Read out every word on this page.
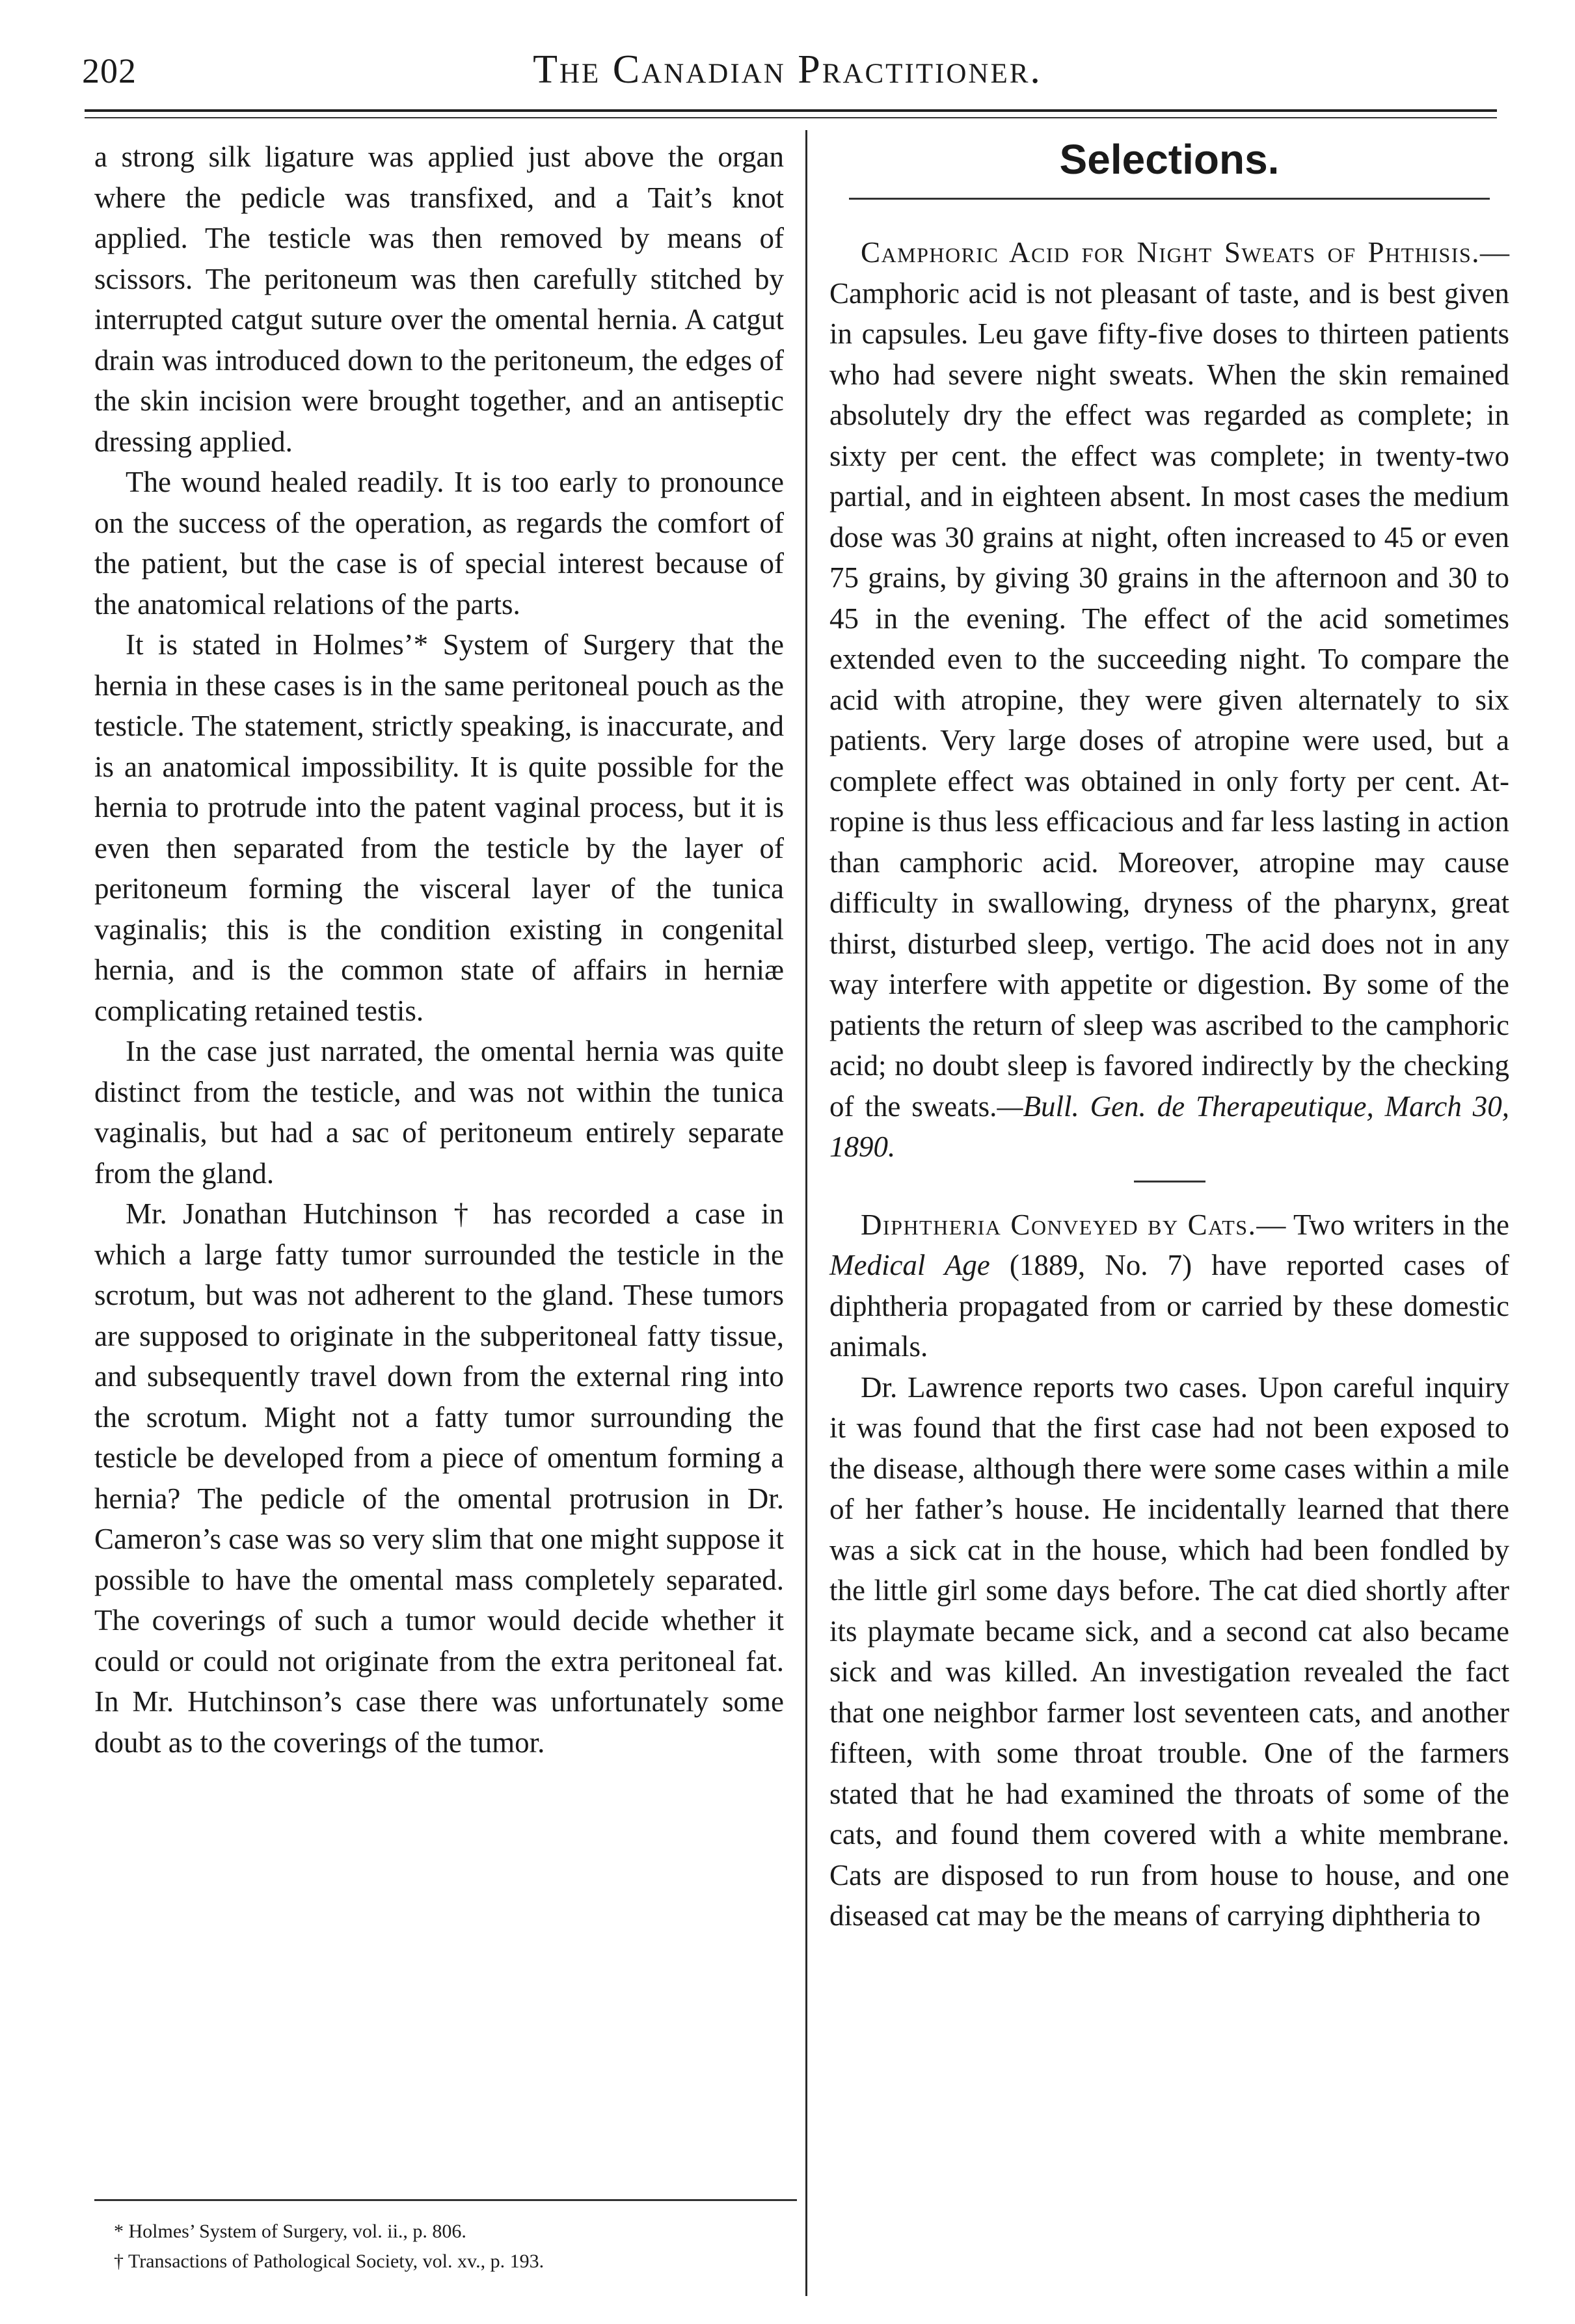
202	The Canadian Practitioner.

a strong silk ligature was applied just above the organ where the pedicle was transfixed, and a Tait’s knot applied. The testicle was then removed by means of scissors. The peritoneum was then carefully stitched by interrupted catgut suture over the omental hernia. A catgut drain was introduced down to the peritoneum, the edges of the skin incision were brought together, and an antiseptic dressing applied.

The wound healed readily. It is too early to pronounce on the success of the operation, as regards the comfort of the patient, but the case is of special interest because of the anatomical relations of the parts.

It is stated in Holmes’* System of Surgery that the hernia in these cases is in the same peritoneal pouch as the testicle. The statement, strictly speaking, is inaccurate, and is an anatomical impossibility. It is quite possible for the hernia to protrude into the patent vaginal process, but it is even then separated from the testicle by the layer of peritoneum forming the visceral layer of the tunica vaginalis; this is the condition existing in congenital hernia, and is the common state of affairs in herniæ complicating retained testis.

In the case just narrated, the omental hernia was quite distinct from the testicle, and was not within the tunica vaginalis, but had a sac of peritoneum entirely separate from the gland.

Mr. Jonathan Hutchinson † has recorded a case in which a large fatty tumor surrounded the testicle in the scrotum, but was not adherent to the gland. These tumors are supposed to originate in the subperitoneal fatty tissue, and subsequently travel down from the external ring into the scrotum. Might not a fatty tumor surrounding the testicle be developed from a piece of omentum forming a hernia? The pedicle of the omental protrusion in Dr. Cameron’s case was so very slim that one might suppose it possible to have the omental mass completely separated. The coverings of such a tumor would decide whether it could or could not originate from the extra peritoneal fat. In Mr. Hutchinson’s case there was unfortunately some doubt as to the coverings of the tumor.

* Holmes’ System of Surgery, vol. ii., p. 806.

† Transactions of Pathological Society, vol. xv., p. 193.

Selections.

Camphoric Acid for Night Sweats of Phthisis.—Camphoric acid is not pleasant of taste, and is best given in capsules. Leu gave fifty-five doses to thirteen patients who had severe night sweats. When the skin remained absolutely dry the effect was regarded as complete; in sixty per cent. the effect was complete; in twenty-two partial, and in eighteen absent. In most cases the medium dose was 30 grains at night, often increased to 45 or even 75 grains, by giving 30 grains in the afternoon and 30 to 45 in the evening. The effect of the acid sometimes extended even to the succeeding night. To compare the acid with atropine, they were given alternately to six patients. Very large doses of atropine were used, but a complete effect was obtained in only forty per cent. Atropine is thus less efficacious and far less lasting in action than camphoric acid. Moreover, atropine may cause difficulty in swallowing, dryness of the pharynx, great thirst, disturbed sleep, vertigo. The acid does not in any way interfere with appetite or digestion. By some of the patients the return of sleep was ascribed to the camphoric acid; no doubt sleep is favored indirectly by the checking of the sweats.—Bull. Gen. de Therapeutique, March 30, 1890.

Diphtheria Conveyed by Cats.— Two writers in the Medical Age (1889, No. 7) have reported cases of diphtheria propagated from or carried by these domestic animals.

Dr. Lawrence reports two cases. Upon careful inquiry it was found that the first case had not been exposed to the disease, although there were some cases within a mile of her father’s house. He incidentally learned that there was a sick cat in the house, which had been fondled by the little girl some days before. The cat died shortly after its playmate became sick, and a second cat also became sick and was killed. An investigation revealed the fact that one neighbor farmer lost seventeen cats, and another fifteen, with some throat trouble. One of the farmers stated that he had examined the throats of some of the cats, and found them covered with a white membrane. Cats are disposed to run from house to house, and one diseased cat may be the means of carrying diphtheria to
